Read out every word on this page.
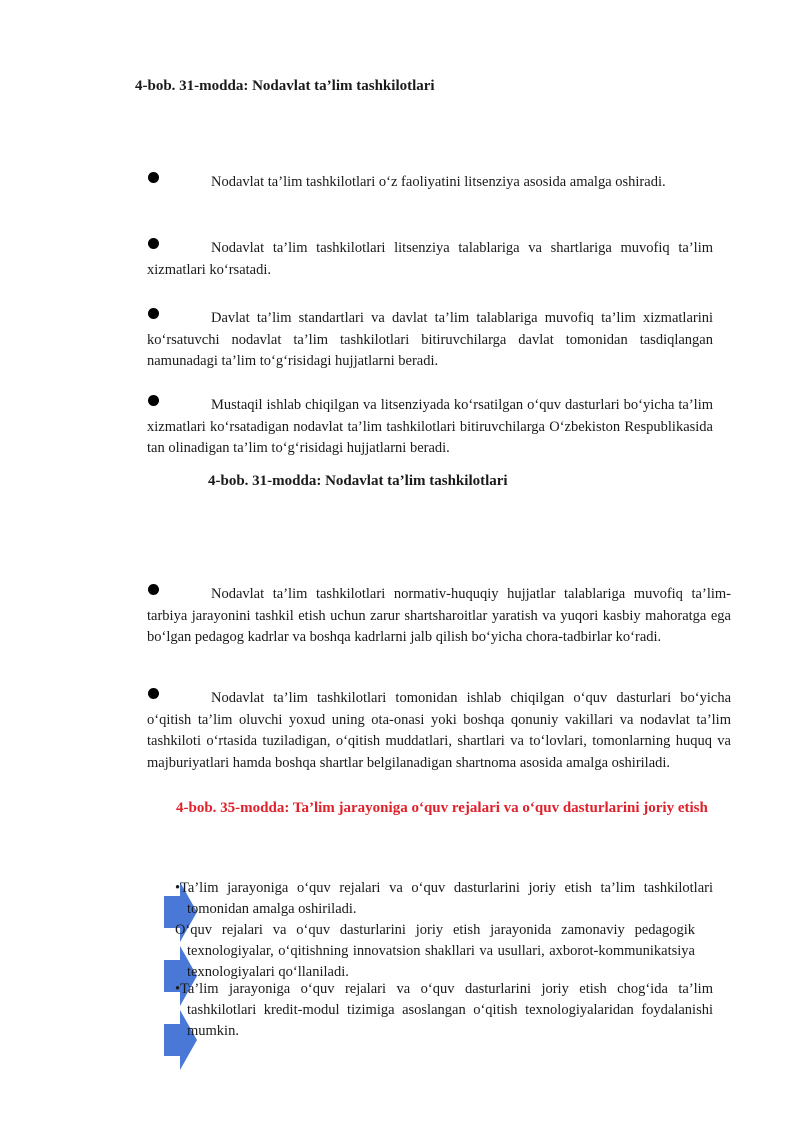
4-bob. 31-modda: Nodavlat ta’lim tashkilotlari
Nodavlat ta’lim tashkilotlari o‘z faoliyatini litsenziya asosida amalga oshiradi.
Nodavlat ta’lim tashkilotlari litsenziya talablariga va shartlariga muvofiq ta’lim xizmatlari ko‘rsatadi.
Davlat ta’lim standartlari va davlat ta’lim talablariga muvofiq ta’lim xizmatlarini ko‘rsatuvchi nodavlat ta’lim tashkilotlari bitiruvchilarga davlat tomonidan tasdiqlangan namunadagi ta’lim to‘g‘risidagi hujjatlarni beradi.
Mustaqil ishlab chiqilgan va litsenziyada ko‘rsatilgan o‘quv dasturlari bo‘yicha ta’lim xizmatlari ko‘rsatadigan nodavlat ta’lim tashkilotlari bitiruvchilarga O‘zbekiston Respublikasida tan olinadigan ta’lim to‘g‘risidagi hujjatlarni beradi.
4-bob. 31-modda: Nodavlat ta’lim tashkilotlari
Nodavlat ta’lim tashkilotlari normativ-huquqiy hujjatlar talablariga muvofiq ta’lim-tarbiya jarayonini tashkil etish uchun zarur shartsharoitlar yaratish va yuqori kasbiy mahoratga ega bo‘lgan pedagog kadrlar va boshqa kadrlarni jalb qilish bo‘yicha chora-tadbirlar ko‘radi.
Nodavlat ta’lim tashkilotlari tomonidan ishlab chiqilgan o‘quv dasturlari bo‘yicha o‘qitish ta’lim oluvchi yoxud uning ota-onasi yoki boshqa qonuniy vakillari va nodavlat ta’lim tashkiloti o‘rtasida tuziladigan, o‘qitish muddatlari, shartlari va to‘lovlari, tomonlarning huquq va majburiyatlari hamda boshqa shartlar belgilanadigan shartnoma asosida amalga oshiriladi.
4-bob. 35-modda: Ta’lim jarayoniga o‘quv rejalari va o‘quv dasturlarini joriy etish
•Ta’lim jarayoniga o‘quv rejalari va o‘quv dasturlarini joriy etish ta’lim tashkilotlari tomonidan amalga oshiriladi.
O‘quv rejalari va o‘quv dasturlarini joriy etish jarayonida zamonaviy pedagogik texnologiyalar, o‘qitishning innovatsion shakllari va usullari, axborot-kommunikatsiya texnologiyalari qo‘llaniladi.
•Ta’lim jarayoniga o‘quv rejalari va o‘quv dasturlarini joriy etish chog‘ida ta’lim tashkilotlari kredit-modul tizimiga asoslangan o‘qitish texnologiyalaridan foydalanishi mumkin.
